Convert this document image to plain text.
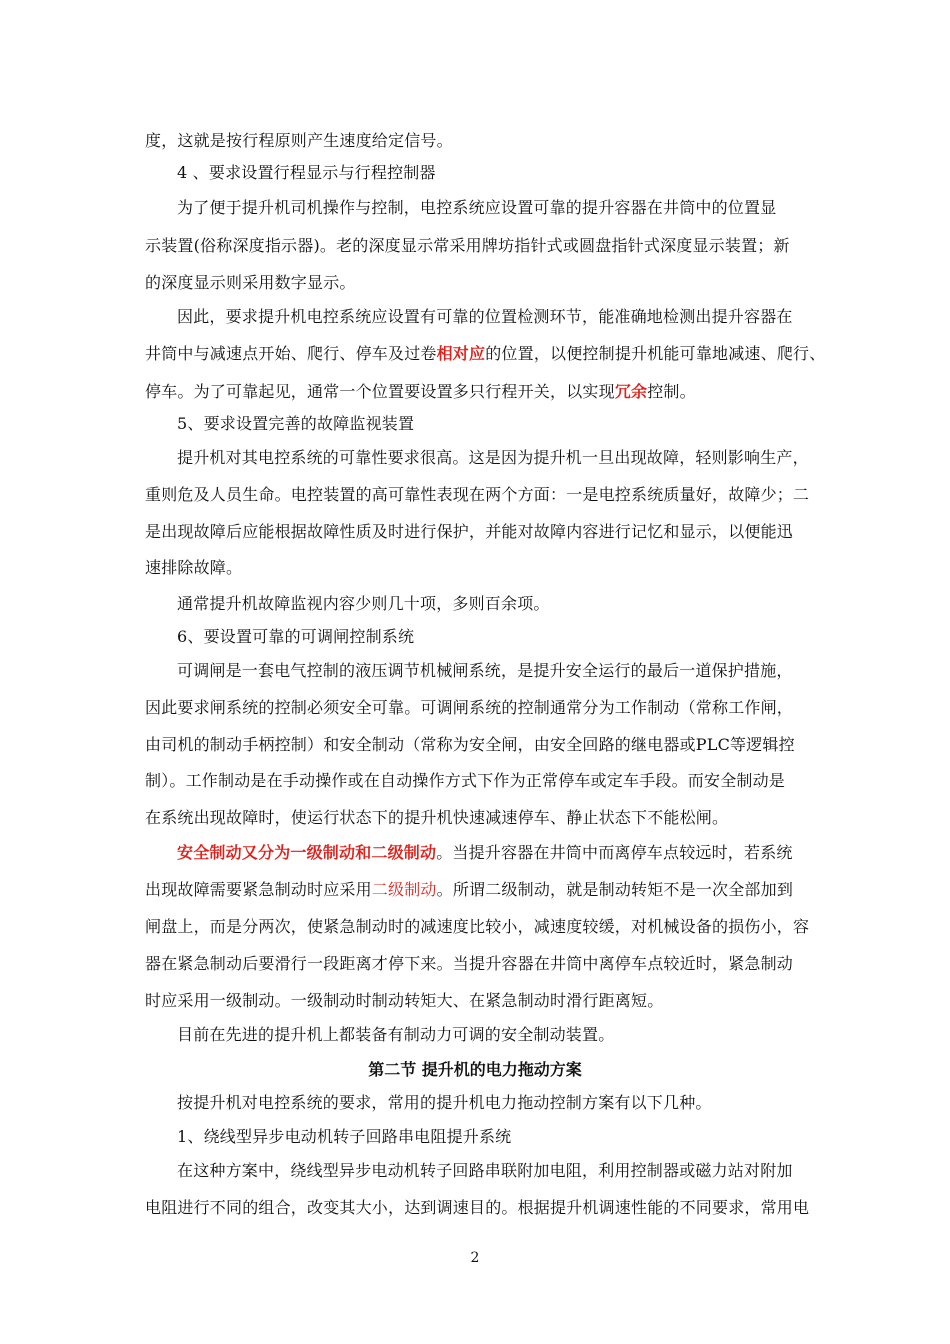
度，这就是按行程原则产生速度给定信号。
4 、要求设置行程显示与行程控制器
为了便于提升机司机操作与控制，电控系统应设置可靠的提升容器在井筒中的位置显
示装置(俗称深度指示器)。老的深度显示常采用牌坊指针式或圆盘指针式深度显示装置；新
的深度显示则采用数字显示。
因此，要求提升机电控系统应设置有可靠的位置检测环节，能准确地检测出提升容器在
井筒中与减速点开始、爬行、停车及过卷相对应的位置，以便控制提升机能可靠地减速、爬行、
停车。为了可靠起见，通常一个位置要设置多只行程开关，以实现冗余控制。
5、要求设置完善的故障监视装置
提升机对其电控系统的可靠性要求很高。这是因为提升机一旦出现故障，轻则影响生产，
重则危及人员生命。电控装置的高可靠性表现在两个方面：一是电控系统质量好，故障少；二
是出现故障后应能根据故障性质及时进行保护，并能对故障内容进行记忆和显示，以便能迅
速排除故障。
通常提升机故障监视内容少则几十项，多则百余项。
6、要设置可靠的可调闸控制系统
可调闸是一套电气控制的液压调节机械闸系统，是提升安全运行的最后一道保护措施，
因此要求闸系统的控制必须安全可靠。可调闸系统的控制通常分为工作制动（常称工作闸，
由司机的制动手柄控制）和安全制动（常称为安全闸，由安全回路的继电器或PLC等逻辑控
制）。工作制动是在手动操作或在自动操作方式下作为正常停车或定车手段。而安全制动是
在系统出现故障时，使运行状态下的提升机快速减速停车、静止状态下不能松闸。
安全制动又分为一级制动和二级制动。当提升容器在井筒中而离停车点较远时，若系统
出现故障需要紧急制动时应采用二级制动。所谓二级制动，就是制动转矩不是一次全部加到
闸盘上，而是分两次，使紧急制动时的减速度比较小，减速度较缓，对机械设备的损伤小，容
器在紧急制动后要滑行一段距离才停下来。当提升容器在井筒中离停车点较近时，紧急制动
时应采用一级制动。一级制动时制动转矩大、在紧急制动时滑行距离短。
目前在先进的提升机上都装备有制动力可调的安全制动装置。
第二节 提升机的电力拖动方案
按提升机对电控系统的要求，常用的提升机电力拖动控制方案有以下几种。
1、绕线型异步电动机转子回路串电阻提升系统
在这种方案中，绕线型异步电动机转子回路串联附加电阻，利用控制器或磁力站对附加
电阻进行不同的组合，改变其大小，达到调速目的。根据提升机调速性能的不同要求，常用电
2
